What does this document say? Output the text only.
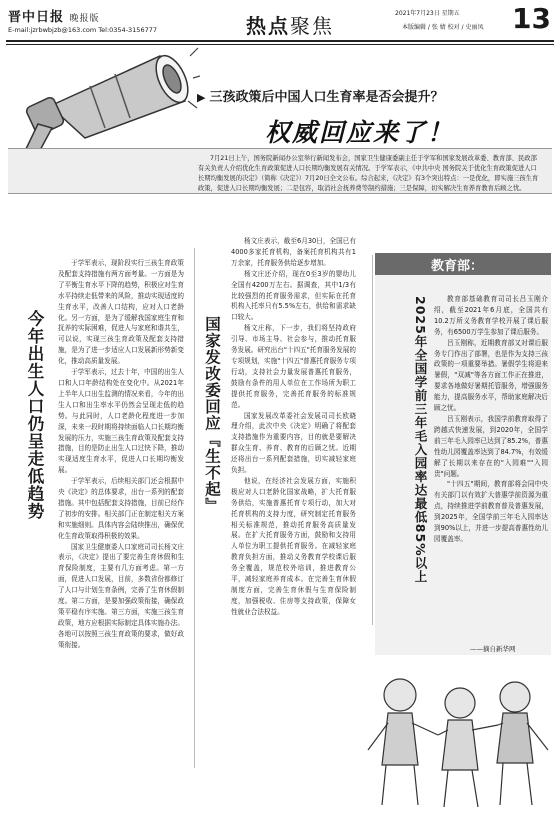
晋中日报 晚报版
E-mail:jzrbwbjzb@163.com Tel:0354-3156777	热点聚焦
2021年7月23日 星期五
本版编辑 / 张 婧 校对 / 史丽凤 13
▶ 三孩政策后中国人口生育率是否会提升？
权威回应来了！

7月21日上午，国务院新闻办公室举行新闻发布会，国家卫生健康委副主任于学军和国家发展改革委、教育部、民政部有关负责人介绍优化生育政策促进人口长期均衡发展有关情况。于学军表示，《中共中央 国务院关于优化生育政策促进人口长期均衡发展的决定》（简称《决定》）7月20日全文公布。综合起来，《决定》有3个突出特点：一是优化，即实施三孩生育政策，促进人口长期均衡发展；二是包容，取消社会抚养费等制约措施；三是保障，切实解决生育养育教育后顾之忧。

今年出生人口仍呈走低趋势

于学军表示，现阶段实行三孩生育政策及配套支持措施有两方面考量。一方面是为了平衡生育水平下降的趋势，积极应对生育水平持续走低带来的风险，推动实现适度的生育水平，改善人口结构，应对人口老龄化。另一方面，是为了缓解我国家庭生育和抚养的实际困难，促进人与家庭和谐共生，可以说，实现三孩生育政策及配套支持措施，是为了进一步适应人口发展新形势新变化，推动高质量发展。

于学军表示，过去十年，中国的出生人口和人口年龄结构处在变化中。从2021年上半年人口出生监测的情况来看，今年的出生人口和出生率水平仍然会呈现走低的趋势。与此同时，人口老龄化程度进一步加深，未来一段时期将持续面临人口长期均衡发展的压力，实施三孩生育政策及配套支持措施，目的是防止出生人口过快下降，推动实现适度生育水平，促进人口长期均衡发展。

于学军表示，后续相关部门还会根据中央《决定》的总体要求，出台一系列的配套措施。其中包括配套支持措施，目前已经作了初步的安排。相关部门正在制定相关方案和实施细则。具体内容会陆续推出，确保优化生育政策取得积极的效果。

国家卫生健康委人口家庭司司长杨文庄表示，《决定》提出了要完善生育休假和生育保险制度，主要有几方面考虑。第一方面，促进人口发展，目前，多数省份都修订了人口与计划生育条例，完善了生育休假制度。第二方面，是要加强政策衔接，确保政策平稳有序实施。第三方面，实施三孩生育政策，地方应根据实际制定具体实施办法。各地可以按照三孩生育政策的要求，做好政策衔接。

国家发改委回应『生不起』

杨文庄表示，截至6月30日，全国已有4000多家托育机构，备案托育机构共有1万余家，托育服务供给逐步增加。

杨文庄还介绍，现在0至3岁的婴幼儿全国有4200万左右。据调查，其中1/3有比较强烈的托育服务需求，但实际在托育机构入托率只有5.5%左右，供给和需求缺口较大。

杨文庄称，下一步，我们将坚持政府引导、市场主导、社会参与，推动托育服务发展。研究出台"十四五"托育服务发展的专项规划，实施"十四五"普惠托育服务专项行动，支持社会力量发展普惠托育服务，鼓励有条件的用人单位在工作场所为职工提供托育服务，完善托育服务的标准规范。

国家发展改革委社会发展司司长欧晓理介绍，此次中央《决定》明确了将配套支持措施作为重要内容，目的就是要解决群众生育、养育、教育的后顾之忧。近期还将出台一系列配套措施，切实减轻家庭负担。

他说，在经济社会发展方面，实施积极应对人口老龄化国家战略，扩大托育服务供给，实施普惠托育专项行动，加大对托育机构的支持力度，研究制定托育服务相关标准规范，推动托育服务高质量发展。在扩大托育服务方面，鼓励和支持用人单位为职工提供托育服务。在减轻家庭教育负担方面，推动义务教育学校课后服务全覆盖，规范校外培训，推进教育公平，减轻家庭养育成本。在完善生育休假制度方面，完善生育休假与生育保险制度，加强税收、住房等支持政策，保障女性就业合法权益。

教育部：
2025年全国学前三年毛入园率达最低85%以上	教育部基础教育司司长吕玉刚介绍，截至2021年6月底，全国共有10.2万所义务教育学校开展了课后服务，有6500万学生参加了课后服务。

吕玉刚称，近期教育部又对课后服务专门作出了部署，也是作为支持三孩政策的一项重要举措。暑假学生将迎来暑假，"双减"等各方面工作正在推进，要求各地做好暑期托管服务，增强服务能力，提高服务水平，帮助家庭解决后顾之忧。

吕玉刚表示，我国学前教育取得了跨越式快速发展，到2020年，全国学前三年毛入园率已达到了85.2%，普惠性幼儿园覆盖率达到了84.7%，有效缓解了长期以来存在的"入园难""入园贵"问题。

"十四五"期间，教育部将会同中央有关部门以有效扩大普惠学前资源为重点，持续推进学前教育普及普惠发展，到2025年，全国学前三年毛入园率达到90%以上，并进一步提高普惠性幼儿园覆盖率。

——摘自新华网
